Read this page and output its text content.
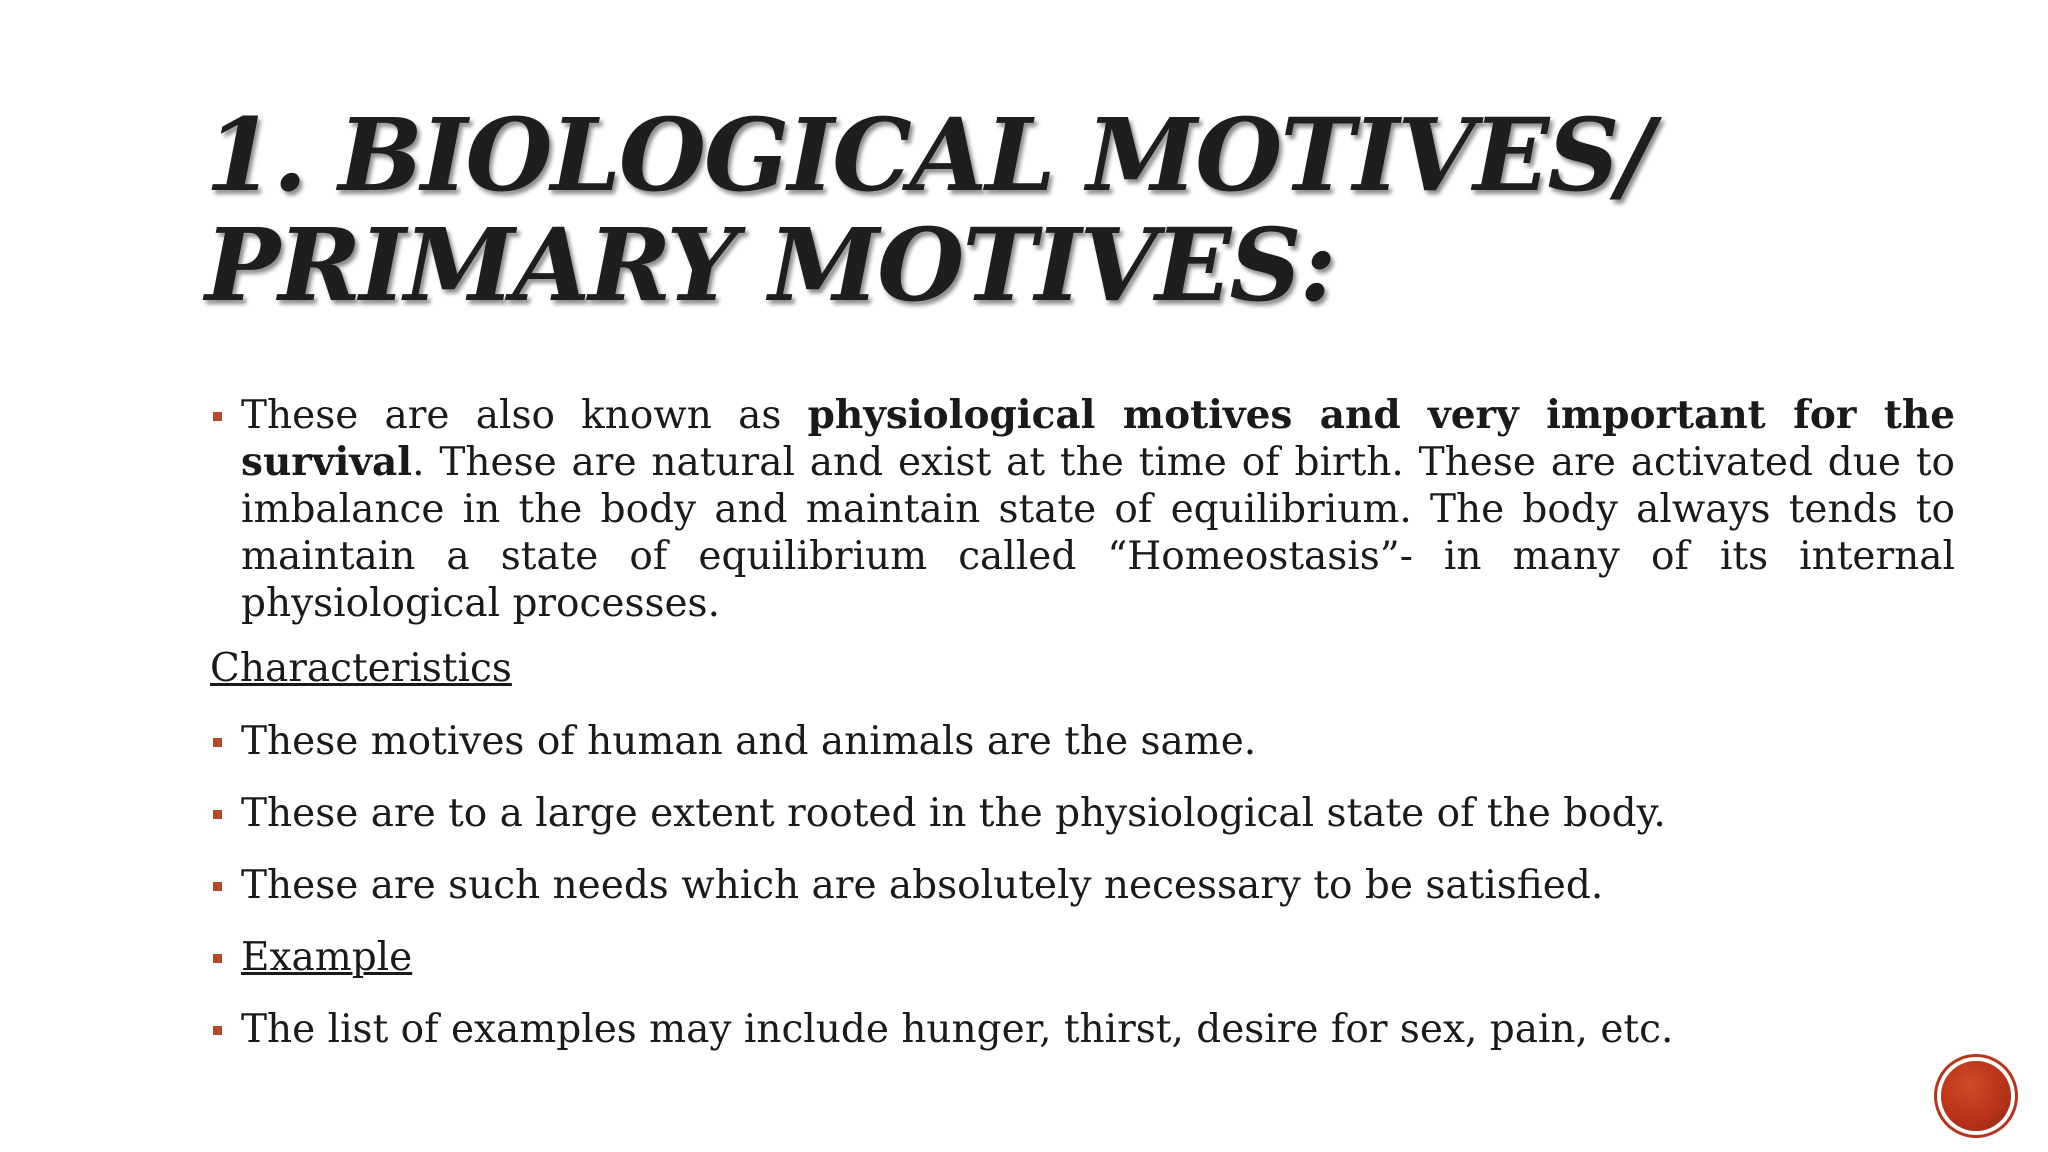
1. BIOLOGICAL MOTIVES/
PRIMARY MOTIVES:

These are also known as physiological motives and very important for the survival. These are natural and exist at the time of birth. These are activated due to imbalance in the body and maintain state of equilibrium. The body always tends to maintain a state of equilibrium called “Homeostasis”- in many of its internal physiological processes.

Characteristics

These motives of human and animals are the same.

These are to a large extent rooted in the physiological state of the body.

These are such needs which are absolutely necessary to be satisfied.

Example

The list of examples may include hunger, thirst, desire for sex, pain, etc.
